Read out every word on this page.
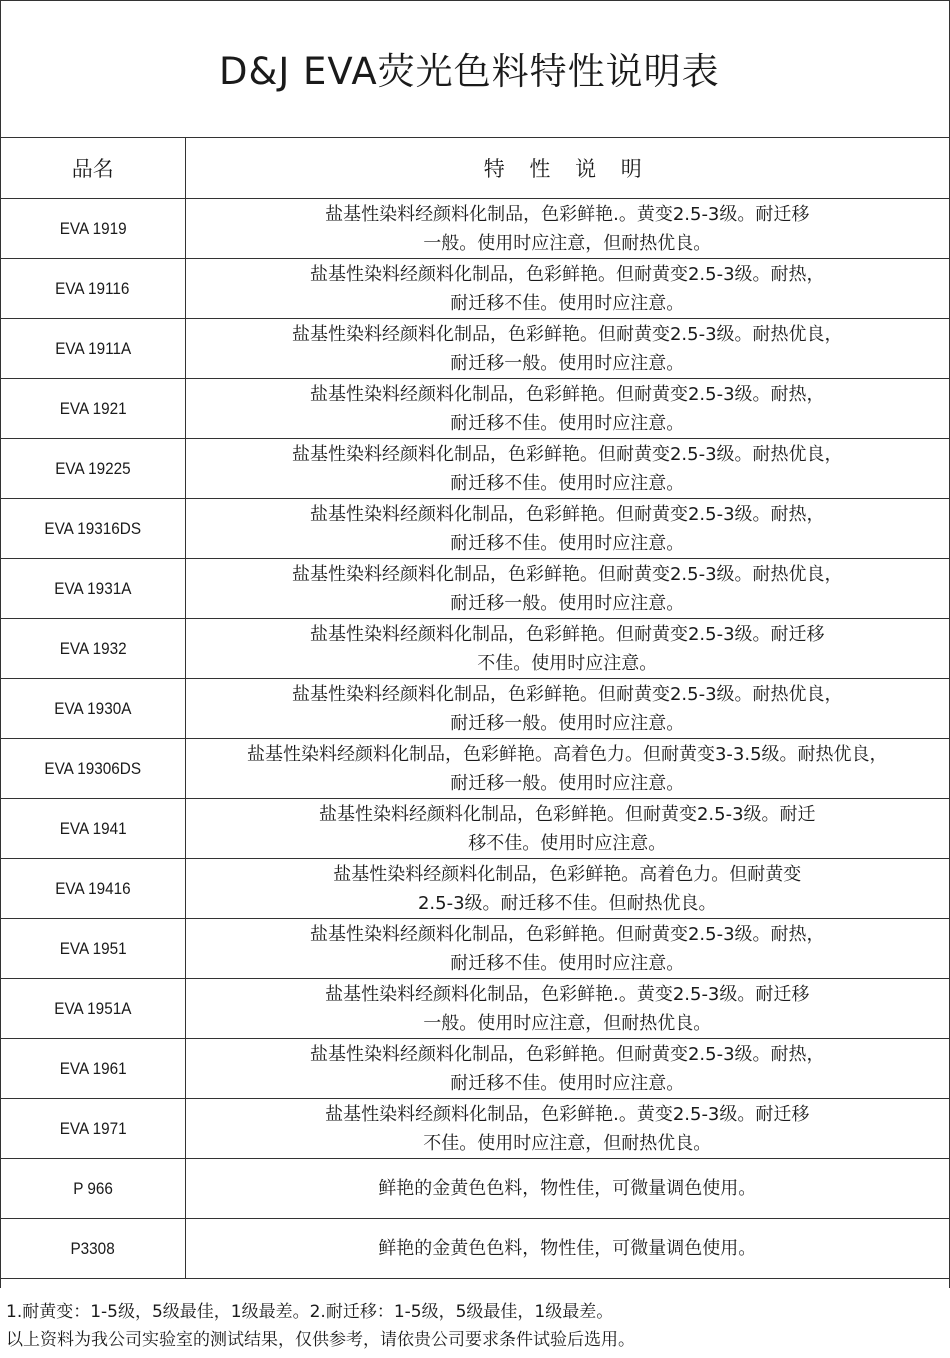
D&J EVA荧光色料特性说明表
品名	特 性 说 明
EVA 1919	盐基性染料经颜料化制品，色彩鲜艳.。黄变2.5-3级。耐迁移
一般。使用时应注意，但耐热优良。

EVA 19116	盐基性染料经颜料化制品，色彩鲜艳。但耐黄变2.5-3级。耐热，
耐迁移不佳。使用时应注意。

EVA 1911A	盐基性染料经颜料化制品，色彩鲜艳。但耐黄变2.5-3级。耐热优良，
耐迁移一般。使用时应注意。

EVA 1921	盐基性染料经颜料化制品，色彩鲜艳。但耐黄变2.5-3级。耐热，
耐迁移不佳。使用时应注意。

EVA 19225	盐基性染料经颜料化制品，色彩鲜艳。但耐黄变2.5-3级。耐热优良，
耐迁移不佳。使用时应注意。

EVA 19316DS	盐基性染料经颜料化制品，色彩鲜艳。但耐黄变2.5-3级。耐热，
耐迁移不佳。使用时应注意。

EVA 1931A	盐基性染料经颜料化制品，色彩鲜艳。但耐黄变2.5-3级。耐热优良，
耐迁移一般。使用时应注意。

EVA 1932	盐基性染料经颜料化制品，色彩鲜艳。但耐黄变2.5-3级。耐迁移
不佳。使用时应注意。

EVA 1930A	盐基性染料经颜料化制品，色彩鲜艳。但耐黄变2.5-3级。耐热优良，
耐迁移一般。使用时应注意。

EVA 19306DS	盐基性染料经颜料化制品，色彩鲜艳。高着色力。但耐黄变3-3.5级。耐热优良，
耐迁移一般。使用时应注意。

EVA 1941	盐基性染料经颜料化制品，色彩鲜艳。但耐黄变2.5-3级。耐迁
移不佳。使用时应注意。

EVA 19416	盐基性染料经颜料化制品，色彩鲜艳。高着色力。但耐黄变
2.5-3级。耐迁移不佳。但耐热优良。

EVA 1951	盐基性染料经颜料化制品，色彩鲜艳。但耐黄变2.5-3级。耐热，
耐迁移不佳。使用时应注意。

EVA 1951A	盐基性染料经颜料化制品，色彩鲜艳.。黄变2.5-3级。耐迁移
一般。使用时应注意，但耐热优良。

EVA 1961	盐基性染料经颜料化制品，色彩鲜艳。但耐黄变2.5-3级。耐热，
耐迁移不佳。使用时应注意。

EVA 1971	盐基性染料经颜料化制品，色彩鲜艳.。黄变2.5-3级。耐迁移
不佳。使用时应注意，但耐热优良。

P 966	鲜艳的金黄色色料，物性佳，可微量调色使用。

P3308	鲜艳的金黄色色料，物性佳，可微量调色使用。
1.耐黄变：1-5级，5级最佳，1级最差。2.耐迁移：1-5级，5级最佳，1级最差。
以上资料为我公司实验室的测试结果，仅供参考，请依贵公司要求条件试验后选用。
